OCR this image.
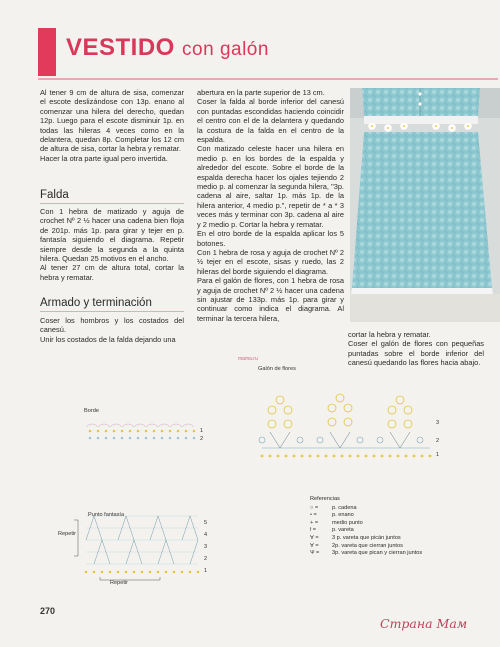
VESTIDO con galón

Al tener 9 cm de altura de sisa, comenzar el escote deslizándose con 13p. enano al comenzar una hilera del derecho, quedan 12p. Luego para el escote disminuir 1p. en todas las hileras 4 veces como en la delantera, quedan 8p. Completar los 12 cm de altura de sisa, cortar la hebra y rematar.

Hacer la otra parte igual pero invertida.

Falda

Con 1 hebra de matizado y aguja de crochet Nº 2 ½ hacer una cadena bien floja de 201p. más 1p. para girar y tejer en p. fantasía siguiendo el diagrama. Repetir siempre desde la segunda a la quinta hilera. Quedan 25 motivos en el ancho.

Al tener 27 cm de altura total, cortar la hebra y rematar.

Armado y terminación

Coser los hombros y los costados del canesú.

Unir los costados de la falda dejando una

abertura en la parte superior de 13 cm.

Coser la falda al borde inferior del canesú con puntadas escondidas haciendo coincidir el centro con el de la delantera y quedando la costura de la falda en el centro de la espalda.

Con matizado celeste hacer una hilera en medio p. en los bordes de la espalda y alrededor del escote. Sobre el borde de la espalda derecha hacer los ojales tejiendo 2 medio p. al comenzar la segunda hilera, "3p. cadena al aire, saltar 1p. más 1p. de la hilera anterior, 4 medio p.", repetir de * a * 3 veces más y terminar con 3p. cadena al aire y 2 medio p. Cortar la hebra y rematar.

En el otro borde de la espalda aplicar los 5 botones.

Con 1 hebra de rosa y aguja de crochet Nº 2 ½ tejer en el escote, sisas y ruedo, las 2 hileras del borde siguiendo el diagrama.

Para el galón de flores, con 1 hebra de rosa y aguja de crochet Nº 2 ½ hacer una cadena sin ajustar de 133p. más 1p. para girar y continuar como indica el diagrama. Al terminar la tercera hilera,

cortar la hebra y rematar.

Coser el galón de flores con pequeñas puntadas sobre el borde inferior del canesú quedando las flores hacia abajo.

Galón de flores
Borde
1
2
Punto fantasía
Repetir
Repetir
1
2
3
4
5
1
2
3
mama.ru
Referencias
○ =	p. cadena
• =	p. enano
+ =	medio punto
ƚ =	p. vareta
∀ =	3 p. vareta que picán juntos
∀ =	2p. vareta que cierran juntos
Ѱ =	3p. vareta que pican y cierran juntos
270
Страна Мам
